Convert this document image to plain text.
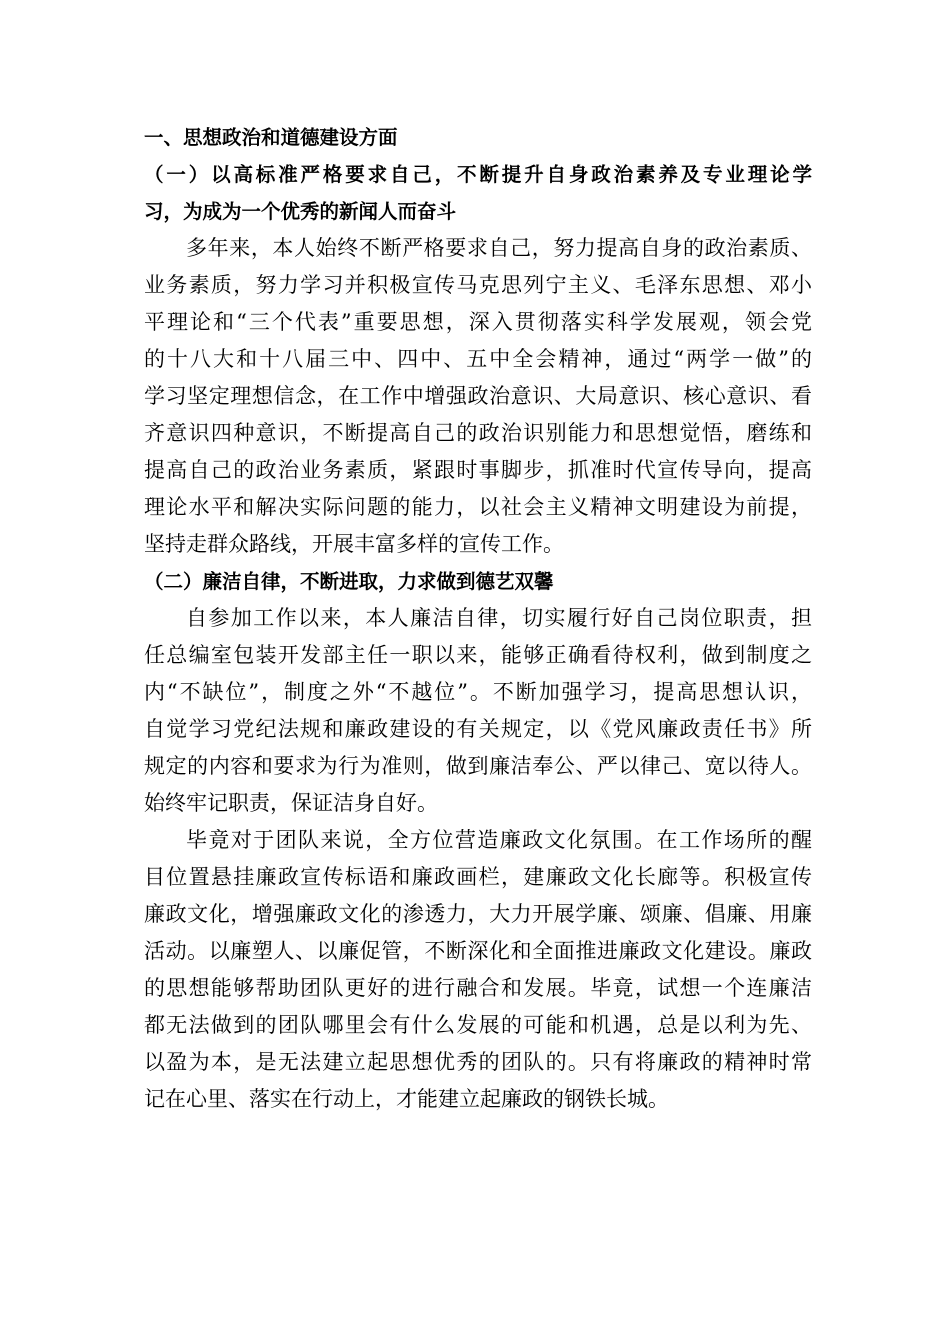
一、思想政治和道德建设方面

（一）以高标准严格要求自己，不断提升自身政治素养及专业理论学
习，为成为一个优秀的新闻人而奋斗
多年来，本人始终不断严格要求自己，努力提高自身的政治素质、
业务素质，努力学习并积极宣传马克思列宁主义、毛泽东思想、邓小
平理论和“三个代表”重要思想，深入贯彻落实科学发展观，领会党
的十八大和十八届三中、四中、五中全会精神，通过“两学一做”的
学习坚定理想信念，在工作中增强政治意识、大局意识、核心意识、看
齐意识四种意识，不断提高自己的政治识别能力和思想觉悟，磨练和
提高自己的政治业务素质，紧跟时事脚步，抓准时代宣传导向，提高
理论水平和解决实际问题的能力，以社会主义精神文明建设为前提，
坚持走群众路线，开展丰富多样的宣传工作。

（二）廉洁自律，不断进取，力求做到德艺双馨

自参加工作以来，本人廉洁自律，切实履行好自己岗位职责，担
任总编室包装开发部主任一职以来，能够正确看待权利，做到制度之
内“不缺位”，制度之外“不越位”。不断加强学习，提高思想认识，
自觉学习党纪法规和廉政建设的有关规定，以《党风廉政责任书》所
规定的内容和要求为行为准则，做到廉洁奉公、严以律己、宽以待人。
始终牢记职责，保证洁身自好。
毕竟对于团队来说，全方位营造廉政文化氛围。在工作场所的醒
目位置悬挂廉政宣传标语和廉政画栏，建廉政文化长廊等。积极宣传
廉政文化，增强廉政文化的渗透力，大力开展学廉、颂廉、倡廉、用廉
活动。以廉塑人、以廉促管，不断深化和全面推进廉政文化建设。廉政
的思想能够帮助团队更好的进行融合和发展。毕竟，试想一个连廉洁
都无法做到的团队哪里会有什么发展的可能和机遇，总是以利为先、
以盈为本，是无法建立起思想优秀的团队的。只有将廉政的精神时常
记在心里、落实在行动上，才能建立起廉政的钢铁长城。
